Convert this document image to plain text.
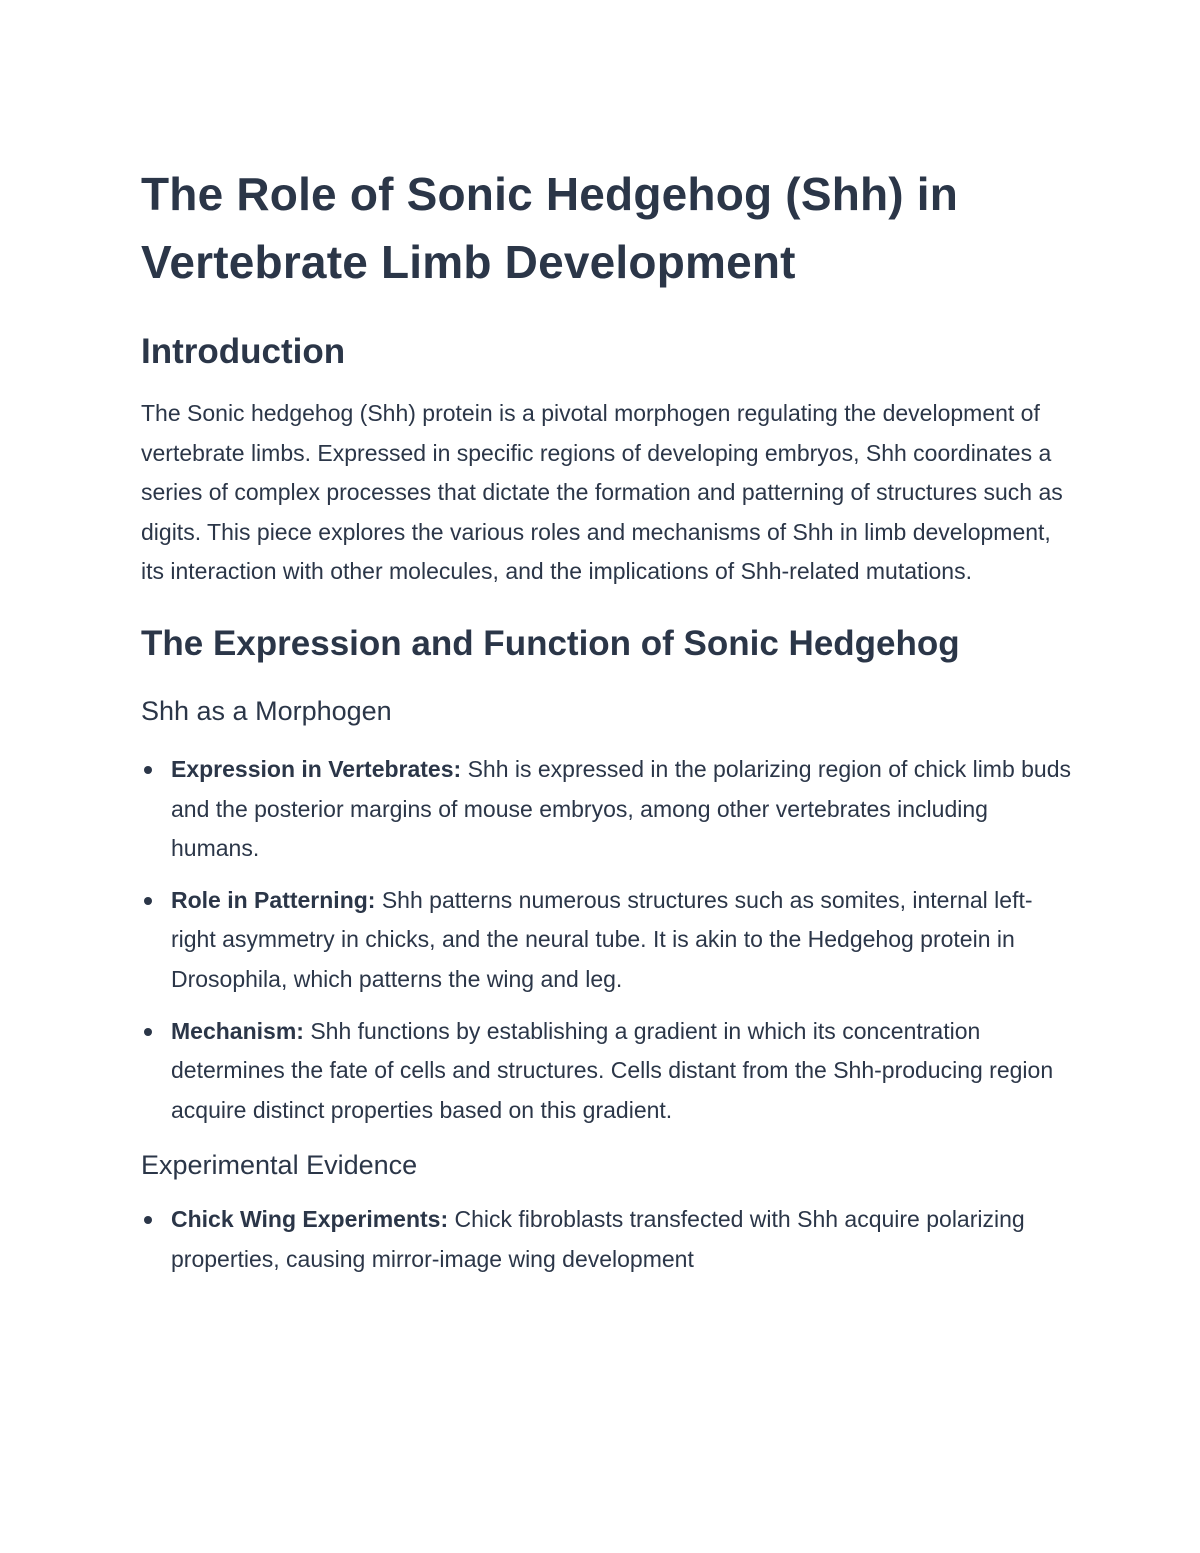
The Role of Sonic Hedgehog (Shh) in Vertebrate Limb Development
Introduction

The Sonic hedgehog (Shh) protein is a pivotal morphogen regulating the development of vertebrate limbs. Expressed in specific regions of developing embryos, Shh coordinates a series of complex processes that dictate the formation and patterning of structures such as digits. This piece explores the various roles and mechanisms of Shh in limb development, its interaction with other molecules, and the implications of Shh-related mutations.

The Expression and Function of Sonic Hedgehog
Shh as a Morphogen
Expression in Vertebrates: Shh is expressed in the polarizing region of chick limb buds and the posterior margins of mouse embryos, among other vertebrates including humans.
Role in Patterning: Shh patterns numerous structures such as somites, internal left-right asymmetry in chicks, and the neural tube. It is akin to the Hedgehog protein in Drosophila, which patterns the wing and leg.
Mechanism: Shh functions by establishing a gradient in which its concentration determines the fate of cells and structures. Cells distant from the Shh-producing region acquire distinct properties based on this gradient.
Experimental Evidence
Chick Wing Experiments: Chick fibroblasts transfected with Shh acquire polarizing properties, causing mirror-image wing development
